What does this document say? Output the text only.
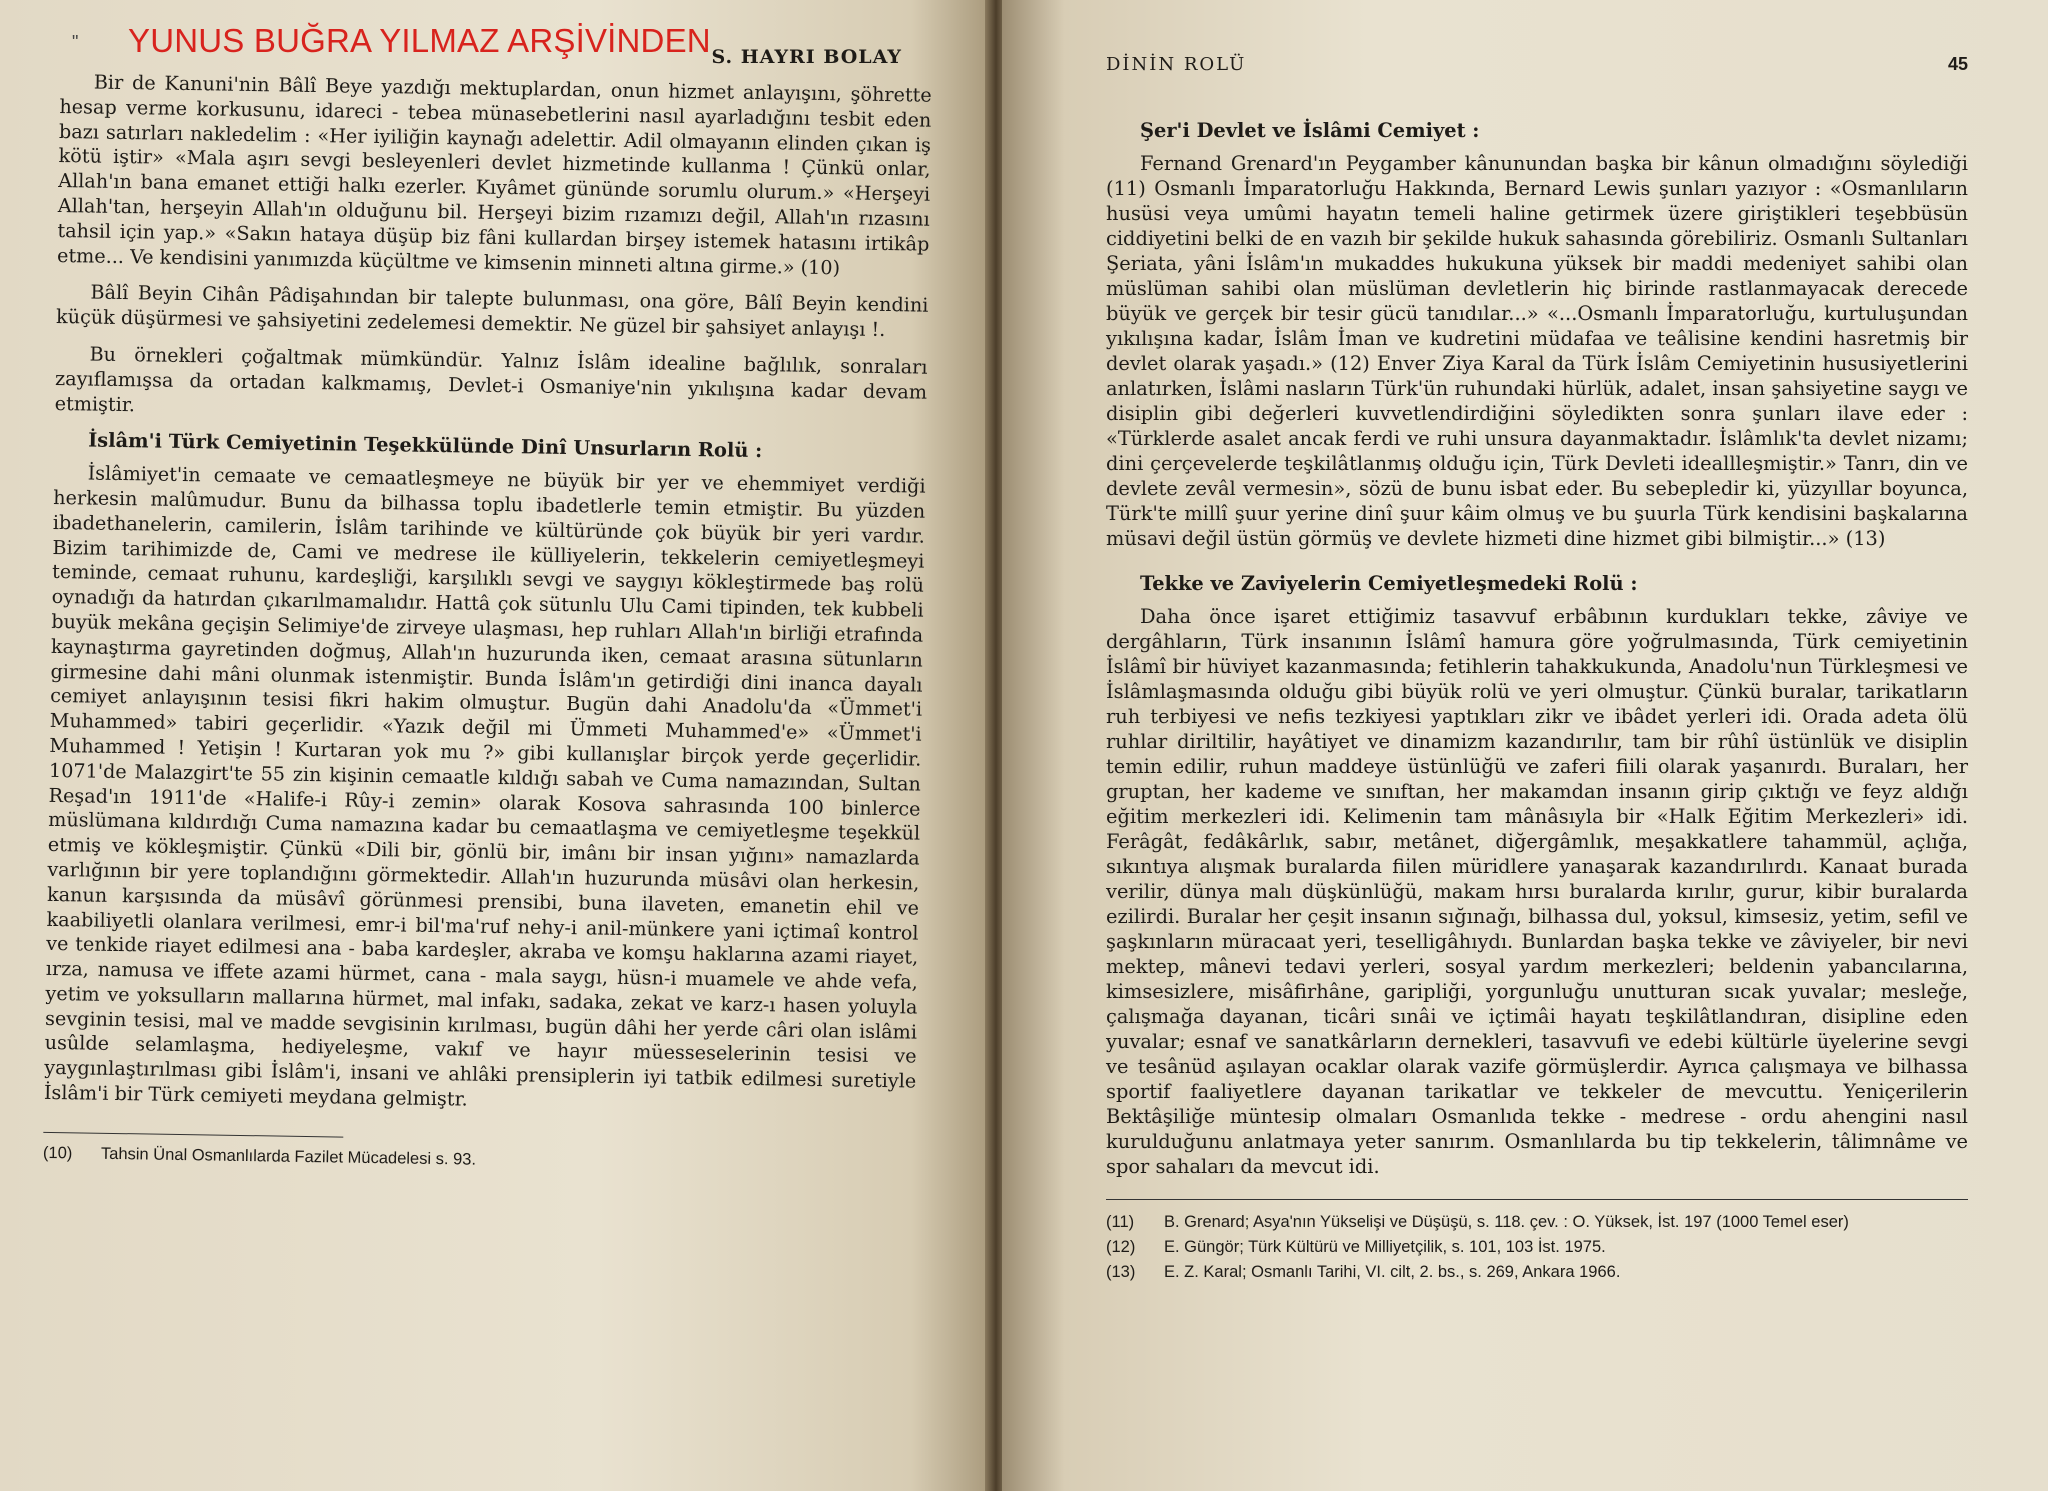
" YUNUS BUĞRA YILMAZ ARŞİVİNDEN S. HAYRI BOLAY

Bir de Kanuni'nin Bâlî Beye yazdığı mektuplardan, onun hizmet anlayışını, şöhrette hesap verme korkusunu, idareci - tebea münasebetlerini nasıl ayarladığını tesbit eden bazı satırları nakledelim : «Her iyiliğin kaynağı adelettir. Adil olmayanın elinden çıkan iş kötü iştir» «Mala aşırı sevgi besleyenleri devlet hizmetinde kullanma ! Çünkü onlar, Allah'ın bana emanet ettiği halkı ezerler. Kıyâmet gününde sorumlu olurum.» «Herşeyi Allah'tan, herşeyin Allah'ın olduğunu bil. Herşeyi bizim rızamızı değil, Allah'ın rızasını tahsil için yap.» «Sakın hataya düşüp biz fâni kullardan birşey istemek hatasını irtikâp etme... Ve kendisini yanımızda küçültme ve kimsenin minneti altına girme.» (10)

Bâlî Beyin Cihân Pâdişahından bir talepte bulunması, ona göre, Bâlî Beyin kendini küçük düşürmesi ve şahsiyetini zedelemesi demektir. Ne güzel bir şahsiyet anlayışı !.

Bu örnekleri çoğaltmak mümkündür. Yalnız İslâm idealine bağlılık, sonraları zayıflamışsa da ortadan kalkmamış, Devlet-i Osmaniye'nin yıkılışına kadar devam etmiştir.

İslâm'i Türk Cemiyetinin Teşekkülünde Dinî Unsurların Rolü :

İslâmiyet'in cemaate ve cemaatleşmeye ne büyük bir yer ve ehemmiyet verdiği herkesin malûmudur. Bunu da bilhassa toplu ibadetlerle temin etmiştir. Bu yüzden ibadethanelerin, camilerin, İslâm tarihinde ve kültüründe çok büyük bir yeri vardır. Bizim tarihimizde de, Cami ve medrese ile külliyelerin, tekkelerin cemiyetleşmeyi teminde, cemaat ruhunu, kardeşliği, karşılıklı sevgi ve saygıyı kökleştirmede baş rolü oynadığı da hatırdan çıkarılmamalıdır. Hattâ çok sütunlu Ulu Cami tipinden, tek kubbeli buyük mekâna geçişin Selimiye'de zirveye ulaşması, hep ruhları Allah'ın birliği etrafında kaynaştırma gayretinden doğmuş, Allah'ın huzurunda iken, cemaat arasına sütunların girmesine dahi mâni olunmak istenmiştir. Bunda İslâm'ın getirdiği dini inanca dayalı cemiyet anlayışının tesisi fikri hakim olmuştur. Bugün dahi Anadolu'da «Ümmet'i Muhammed» tabiri geçerlidir. «Yazık değil mi Ümmeti Muhammed'e» «Ümmet'i Muhammed ! Yetişin ! Kurtaran yok mu ?» gibi kullanışlar birçok yerde geçerlidir. 1071'de Malazgirt'te 55 zin kişinin cemaatle kıldığı sabah ve Cuma namazından, Sultan Reşad'ın 1911'de «Halife-i Rûy-i zemin» olarak Kosova sahrasında 100 binlerce müslümana kıldırdığı Cuma namazına kadar bu cemaatlaşma ve cemiyetleşme teşekkül etmiş ve kökleşmiştir. Çünkü «Dili bir, gönlü bir, imânı bir insan yığını» namazlarda varlığının bir yere toplandığını görmektedir. Allah'ın huzurunda müsâvi olan herkesin, kanun karşısında da müsâvî görünmesi prensibi, buna ilaveten, emanetin ehil ve kaabiliyetli olanlara verilmesi, emr-i bil'ma'ruf nehy-i anil-münkere yani içtimaî kontrol ve tenkide riayet edilmesi ana - baba kardeşler, akraba ve komşu haklarına azami riayet, ırza, namusa ve iffete azami hürmet, cana - mala saygı, hüsn-i muamele ve ahde vefa, yetim ve yoksulların mallarına hürmet, mal infakı, sadaka, zekat ve karz-ı hasen yoluyla sevginin tesisi, mal ve madde sevgisinin kırılması, bugün dâhi her yerde câri olan islâmi usûlde selamlaşma, hediyeleşme, vakıf ve hayır müesseselerinin tesisi ve yaygınlaştırılması gibi İslâm'i, insani ve ahlâki prensiplerin iyi tatbik edilmesi suretiyle İslâm'i bir Türk cemiyeti meydana gelmiştr.

(10)	Tahsin Ünal Osmanlılarda Fazilet Mücadelesi s. 93.
DİNİN ROLÜ	45
Şer'i Devlet ve İslâmi Cemiyet :

Fernand Grenard'ın Peygamber kânunundan başka bir kânun olmadığını söylediği (11) Osmanlı İmparatorluğu Hakkında, Bernard Lewis şunları yazıyor : «Osmanlıların husüsi veya umûmi hayatın temeli haline getirmek üzere giriştikleri teşebbüsün ciddiyetini belki de en vazıh bir şekilde hukuk sahasında görebiliriz. Osmanlı Sultanları Şeriata, yâni İslâm'ın mukaddes hukukuna yüksek bir maddi medeniyet sahibi olan müslüman sahibi olan müslüman devletlerin hiç birinde rastlanmayacak derecede büyük ve gerçek bir tesir gücü tanıdılar...» «...Osmanlı İmparatorluğu, kurtuluşundan yıkılışına kadar, İslâm İman ve kudretini müdafaa ve teâlisine kendini hasretmiş bir devlet olarak yaşadı.» (12) Enver Ziya Karal da Türk İslâm Cemiyetinin hususiyetlerini anlatırken, İslâmi nasların Türk'ün ruhundaki hürlük, adalet, insan şahsiyetine saygı ve disiplin gibi değerleri kuvvetlendirdiğini söyledikten sonra şunları ilave eder : «Türklerde asalet ancak ferdi ve ruhi unsura dayanmaktadır. İslâmlık'ta devlet nizamı; dini çerçevelerde teşkilâtlanmış olduğu için, Türk Devleti ideallleşmiştir.» Tanrı, din ve devlete zevâl vermesin», sözü de bunu isbat eder. Bu sebepledir ki, yüzyıllar boyunca, Türk'te millî şuur yerine dinî şuur kâim olmuş ve bu şuurla Türk kendisini başkalarına müsavi değil üstün görmüş ve devlete hizmeti dine hizmet gibi bilmiştir...» (13)

Tekke ve Zaviyelerin Cemiyetleşmedeki Rolü :

Daha önce işaret ettiğimiz tasavvuf erbâbının kurdukları tekke, zâviye ve dergâhların, Türk insanının İslâmî hamura göre yoğrulmasında, Türk cemiyetinin İslâmî bir hüviyet kazanmasında; fetihlerin tahakkukunda, Anadolu'nun Türkleşmesi ve İslâmlaşmasında olduğu gibi büyük rolü ve yeri olmuştur. Çünkü buralar, tarikatların ruh terbiyesi ve nefis tezkiyesi yaptıkları zikr ve ibâdet yerleri idi. Orada adeta ölü ruhlar diriltilir, hayâtiyet ve dinamizm kazandırılır, tam bir rûhî üstünlük ve disiplin temin edilir, ruhun maddeye üstünlüğü ve zaferi fiili olarak yaşanırdı. Buraları, her gruptan, her kademe ve sınıftan, her makamdan insanın girip çıktığı ve feyz aldığı eğitim merkezleri idi. Kelimenin tam mânâsıyla bir «Halk Eğitim Merkezleri» idi. Ferâgât, fedâkârlık, sabır, metânet, diğergâmlık, meşakkatlere tahammül, açlığa, sıkıntıya alışmak buralarda fiilen müridlere yanaşarak kazandırılırdı. Kanaat burada verilir, dünya malı düşkünlüğü, makam hırsı buralarda kırılır, gurur, kibir buralarda ezilirdi. Buralar her çeşit insanın sığınağı, bilhassa dul, yoksul, kimsesiz, yetim, sefil ve şaşkınların müracaat yeri, teselligâhıydı. Bunlardan başka tekke ve zâviyeler, bir nevi mektep, mânevi tedavi yerleri, sosyal yardım merkezleri; beldenin yabancılarına, kimsesizlere, misâfirhâne, garipliği, yorgunluğu unutturan sıcak yuvalar; mesleğe, çalışmağa dayanan, ticâri sınâi ve içtimâi hayatı teşkilâtlandıran, disipline eden yuvalar; esnaf ve sanatkârların dernekleri, tasavvufi ve edebi kültürle üyelerine sevgi ve tesânüd aşılayan ocaklar olarak vazife görmüşlerdir. Ayrıca çalışmaya ve bilhassa sportif faaliyetlere dayanan tarikatlar ve tekkeler de mevcuttu. Yeniçerilerin Bektâşiliğe müntesip olmaları Osmanlıda tekke - medrese - ordu ahengini nasıl kurulduğunu anlatmaya yeter sanırım. Osmanlılarda bu tip tekkelerin, tâlimnâme ve spor sahaları da mevcut idi.

(11)	B. Grenard; Asya'nın Yükselişi ve Düşüşü, s. 118. çev. : O. Yüksek, İst. 197 (1000 Temel eser)
(12)	E. Güngör; Türk Kültürü ve Milliyetçilik, s. 101, 103 İst. 1975.
(13)	E. Z. Karal; Osmanlı Tarihi, VI. cilt, 2. bs., s. 269, Ankara 1966.
